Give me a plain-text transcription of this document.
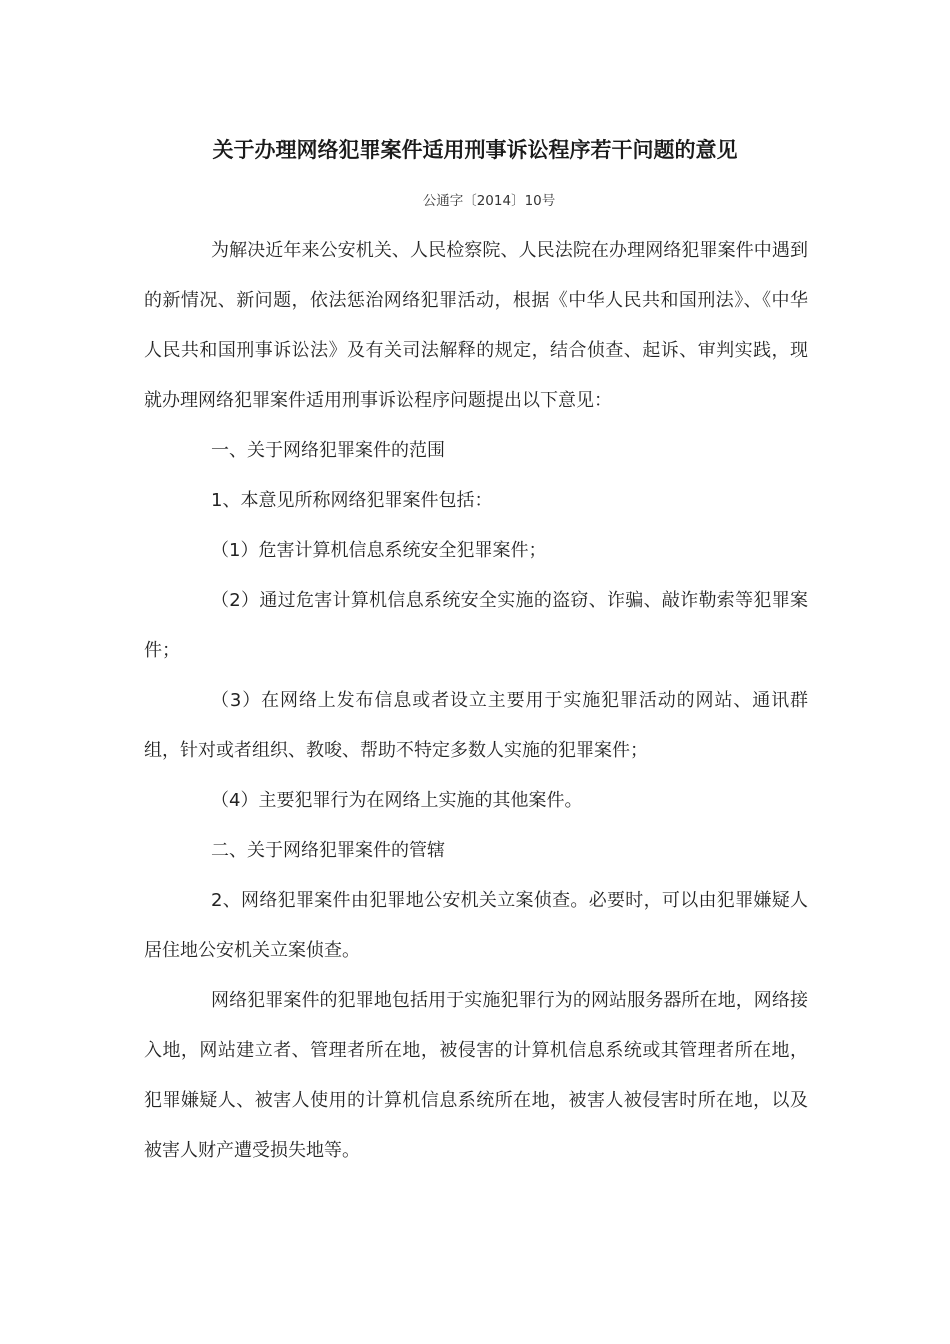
关于办理网络犯罪案件适用刑事诉讼程序若干问题的意见
公通字〔2014〕10号

为解决近年来公安机关、人民检察院、人民法院在办理网络犯罪案件中遇到的新情况、新问题，依法惩治网络犯罪活动，根据《中华人民共和国刑法》、《中华人民共和国刑事诉讼法》及有关司法解释的规定，结合侦查、起诉、审判实践，现就办理网络犯罪案件适用刑事诉讼程序问题提出以下意见：

一、关于网络犯罪案件的范围

1、本意见所称网络犯罪案件包括：

（1）危害计算机信息系统安全犯罪案件；

（2）通过危害计算机信息系统安全实施的盗窃、诈骗、敲诈勒索等犯罪案件；

（3）在网络上发布信息或者设立主要用于实施犯罪活动的网站、通讯群组，针对或者组织、教唆、帮助不特定多数人实施的犯罪案件；

（4）主要犯罪行为在网络上实施的其他案件。

二、关于网络犯罪案件的管辖

2、网络犯罪案件由犯罪地公安机关立案侦查。必要时，可以由犯罪嫌疑人居住地公安机关立案侦查。

网络犯罪案件的犯罪地包括用于实施犯罪行为的网站服务器所在地，网络接入地，网站建立者、管理者所在地，被侵害的计算机信息系统或其管理者所在地，犯罪嫌疑人、被害人使用的计算机信息系统所在地，被害人被侵害时所在地，以及被害人财产遭受损失地等。
